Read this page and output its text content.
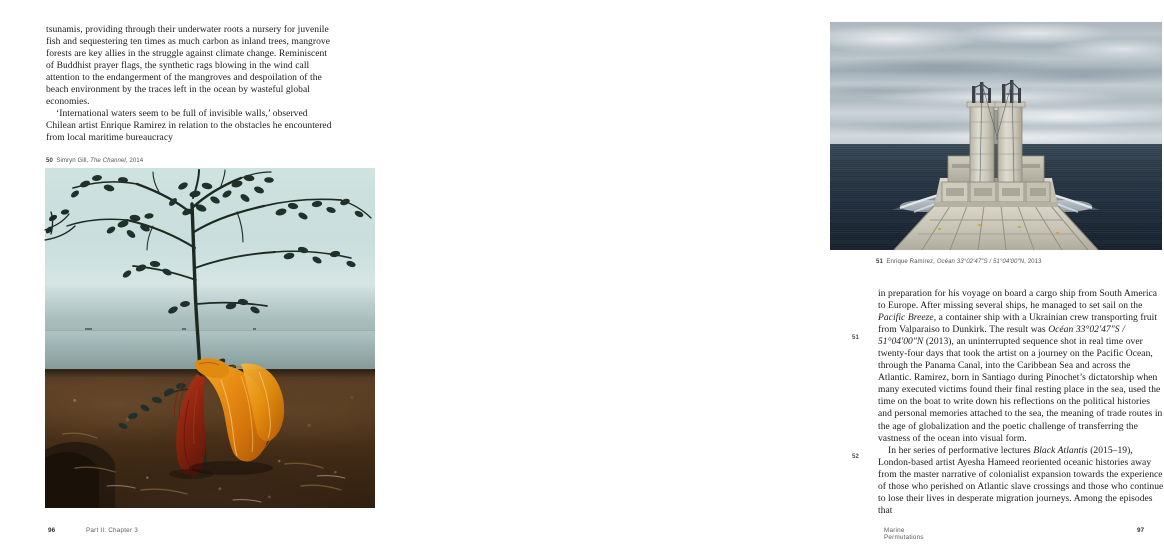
tsunamis, providing through their underwater roots a nursery for juvenile fish and sequestering ten times as much carbon as inland trees, mangrove forests are key allies in the struggle against climate change. Reminiscent of Buddhist prayer flags, the synthetic rags blowing in the wind call attention to the endangerment of the mangroves and despoilation of the beach environment by the traces left in the ocean by wasteful global economies.

‘International waters seem to be full of invisible walls,’ observed Chilean artist Enrique Ramirez in relation to the obstacles he encountered from local maritime bureaucracy

50 Simryn Gill, The Channel, 2014
96	Part II: Chapter 3
51 Enrique Ramírez, Océan 33°02′47″S / 51°04′00″N, 2013
51
52

in preparation for his voyage on board a cargo ship from South America to Europe. After missing several ships, he managed to set sail on the Pacific Breeze, a container ship with a Ukrainian crew transporting fruit from Valparaiso to Dunkirk. The result was Océan 33°02′47″S / 51°04′00″N (2013), an uninterrupted sequence shot in real time over twenty-four days that took the artist on a journey on the Pacific Ocean, through the Panama Canal, into the Caribbean Sea and across the Atlantic. Ramirez, born in Santiago during Pinochet’s dictatorship when many executed victims found their final resting place in the sea, used the time on the boat to write down his reflections on the political histories and personal memories attached to the sea, the meaning of trade routes in the age of globalization and the poetic challenge of transferring the vastness of the ocean into visual form.

In her series of performative lectures Black Atlantis (2015–19), London-based artist Ayesha Hameed reoriented oceanic histories away from the master narrative of colonialist expansion towards the experience of those who perished on Atlantic slave crossings and those who continue to lose their lives in desperate migration journeys. Among the episodes that

Marine Permutations
97
